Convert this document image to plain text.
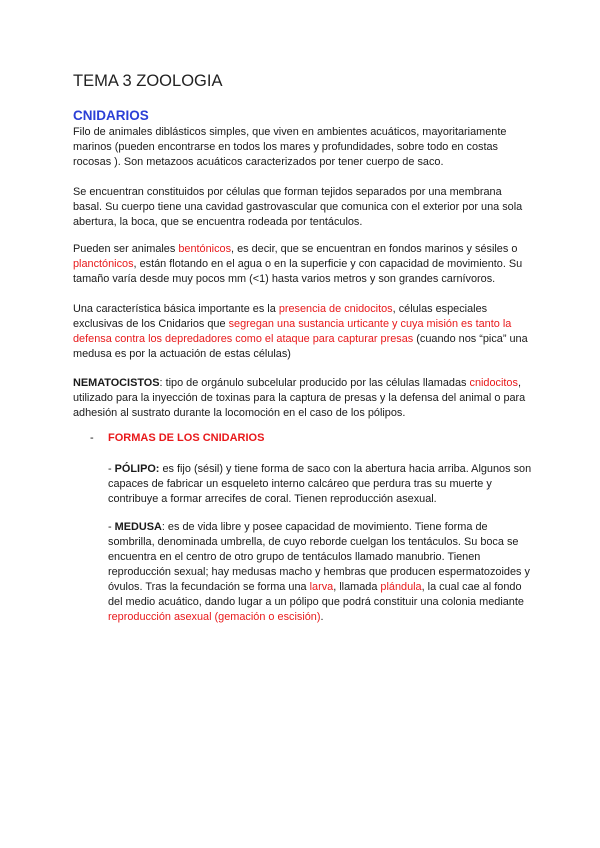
TEMA 3 ZOOLOGIA
CNIDARIOS

Filo de animales diblásticos simples, que viven en ambientes acuáticos, mayoritariamente marinos (pueden encontrarse en todos los mares y profundidades, sobre todo en costas rocosas ). Son metazoos acuáticos caracterizados por tener cuerpo de saco.

Se encuentran constituidos por células que forman tejidos separados por una membrana basal. Su cuerpo tiene una cavidad gastrovascular que comunica con el exterior por una sola abertura, la boca, que se encuentra rodeada por tentáculos.

Pueden ser animales bentónicos, es decir, que se encuentran en fondos marinos y sésiles o planctónicos, están flotando en el agua o en la superficie y con capacidad de movimiento. Su tamaño varía desde muy pocos mm (<1) hasta varios metros y son grandes carnívoros.

Una característica básica importante es la presencia de cnidocitos, células especiales exclusivas de los Cnidarios que segregan una sustancia urticante y cuya misión es tanto la defensa contra los depredadores como el ataque para capturar presas (cuando nos “pica” una medusa es por la actuación de estas células)

NEMATOCISTOS: tipo de orgánulo subcelular producido por las células llamadas cnidocitos, utilizado para la inyección de toxinas para la captura de presas y la defensa del animal o para adhesión al sustrato durante la locomoción en el caso de los pólipos.

- FORMAS DE LOS CNIDARIOS

- PÓLIPO: es fijo (sésil) y tiene forma de saco con la abertura hacia arriba. Algunos son capaces de fabricar un esqueleto interno calcáreo que perdura tras su muerte y contribuye a formar arrecifes de coral. Tienen reproducción asexual.

- MEDUSA: es de vida libre y posee capacidad de movimiento. Tiene forma de sombrilla, denominada umbrella, de cuyo reborde cuelgan los tentáculos. Su boca se encuentra en el centro de otro grupo de tentáculos llamado manubrio. Tienen reproducción sexual; hay medusas macho y hembras que producen espermatozoides y óvulos. Tras la fecundación se forma una larva, llamada plándula, la cual cae al fondo del medio acuático, dando lugar a un pólipo que podrá constituir una colonia mediante reproducción asexual (gemación o escisión).
